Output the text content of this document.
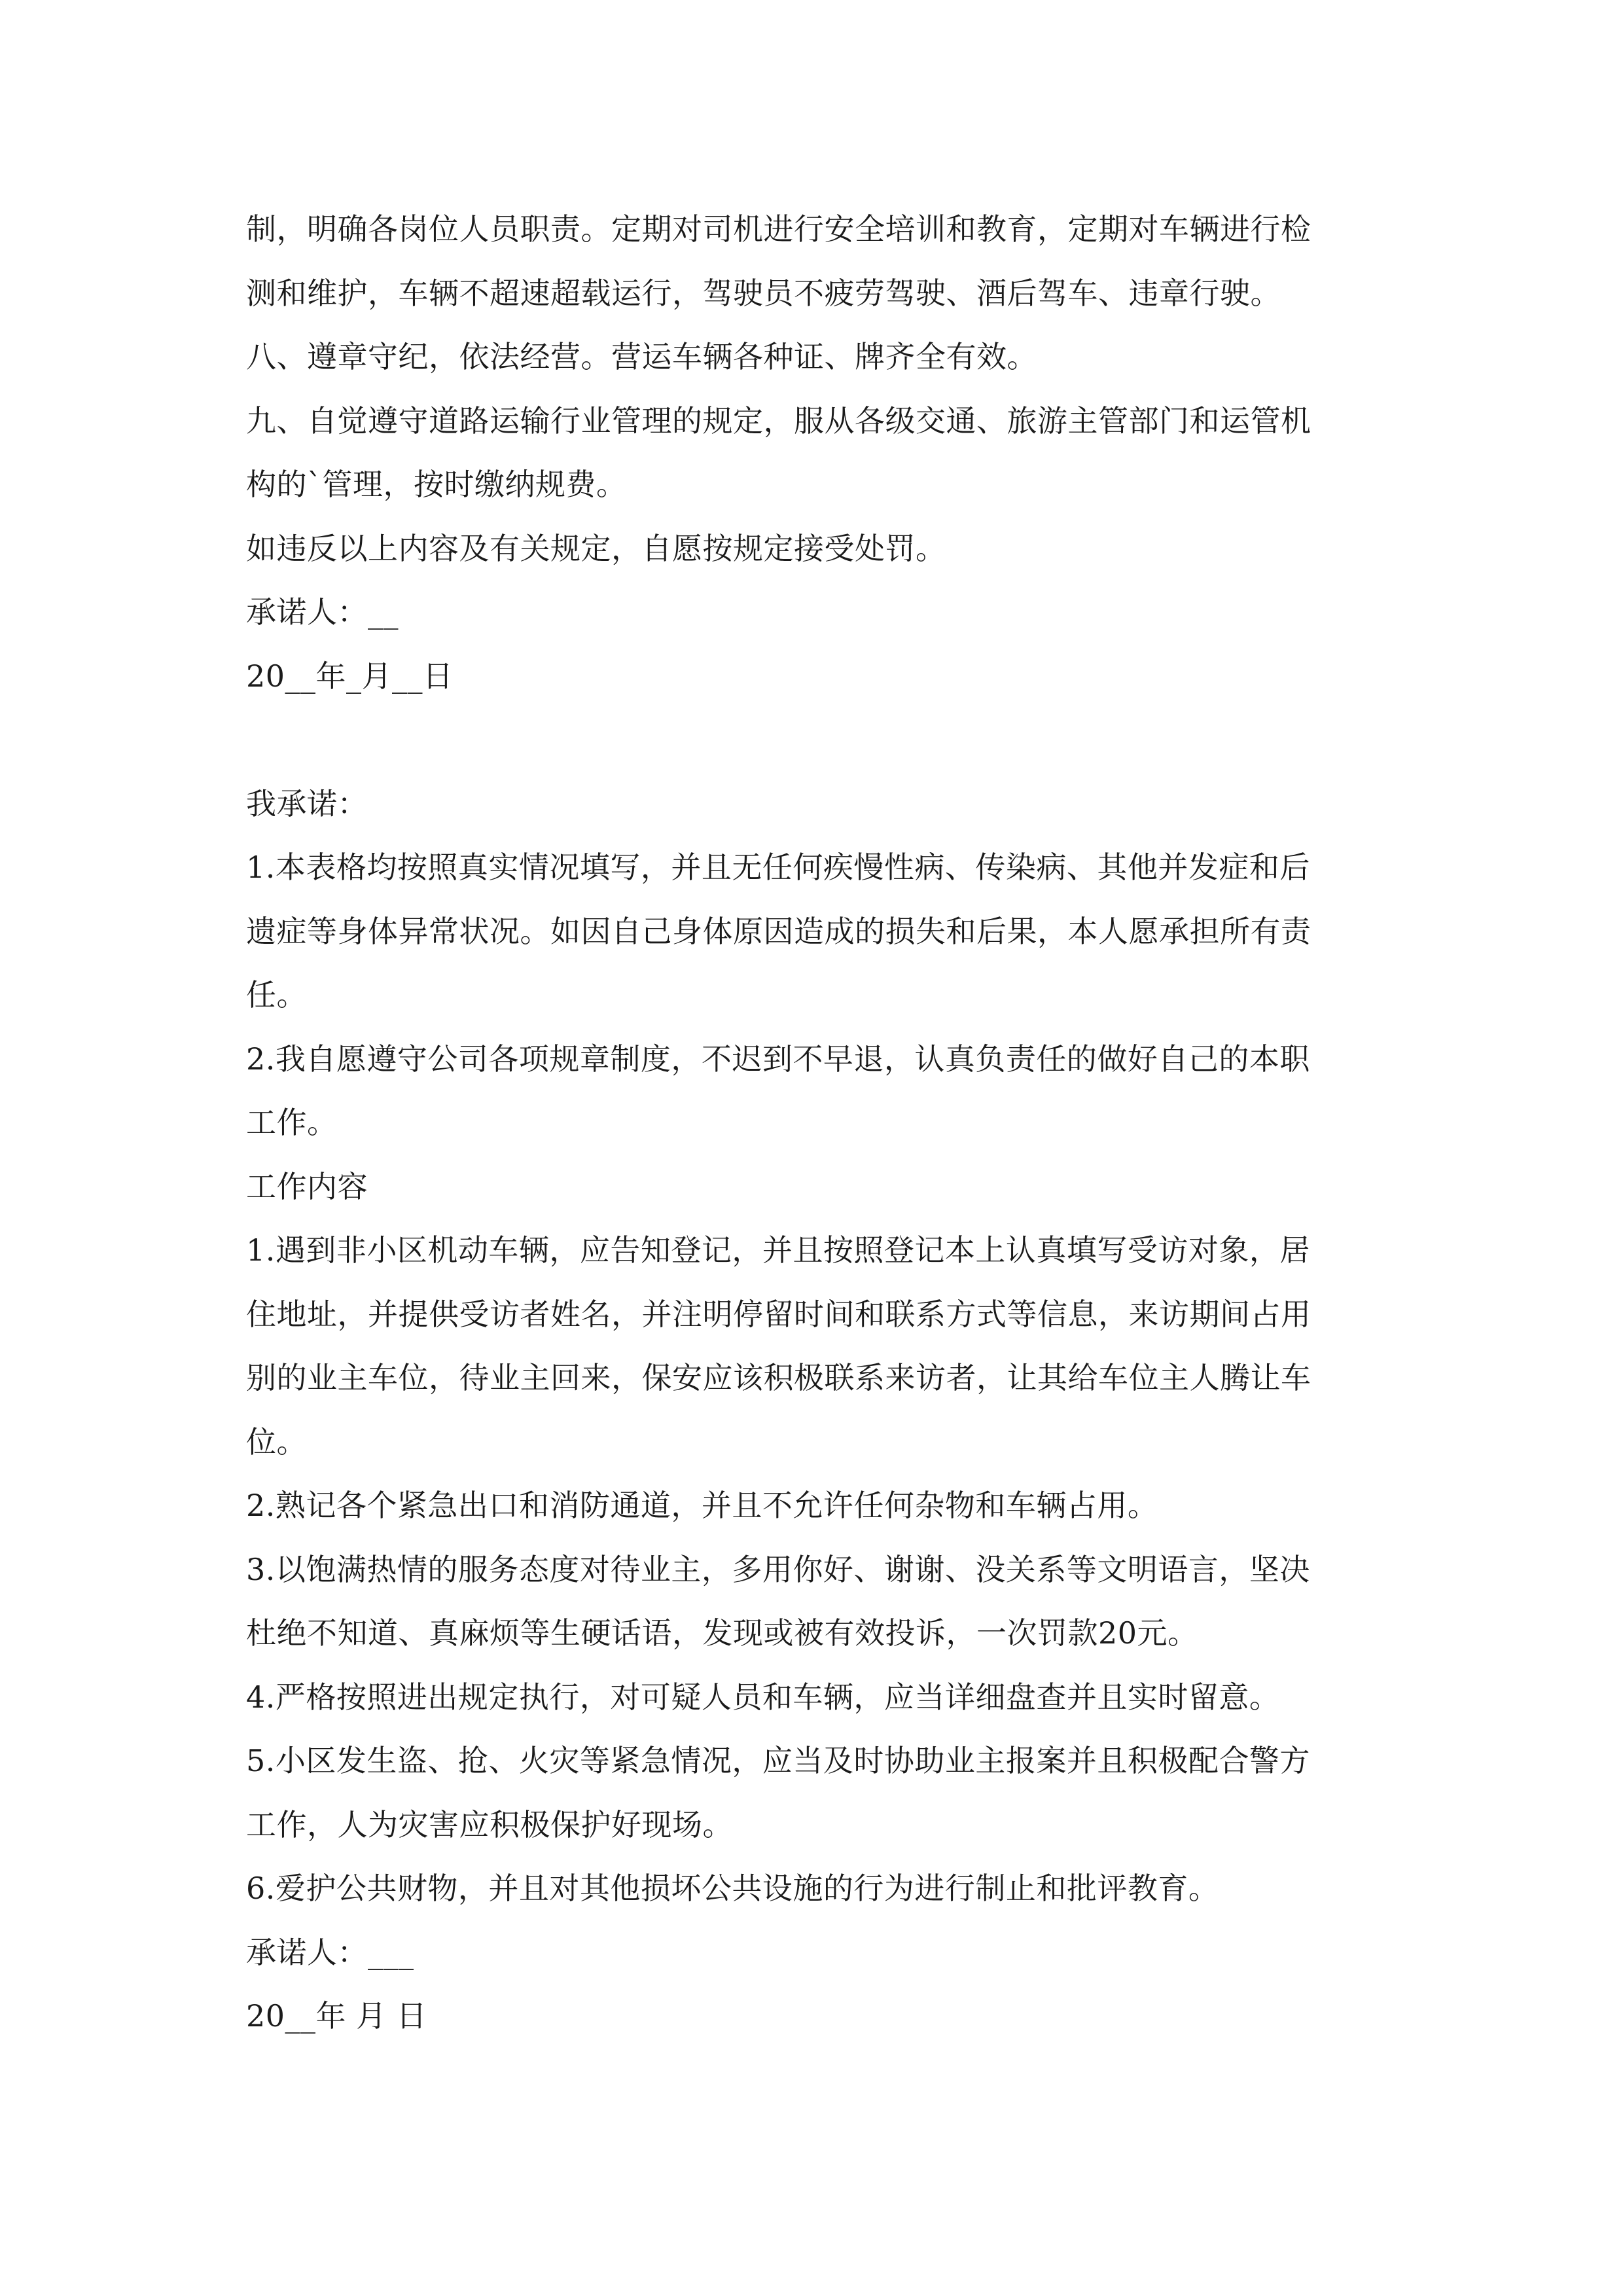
制，明确各岗位人员职责。定期对司机进行安全培训和教育，定期对车辆进行检
测和维护，车辆不超速超载运行，驾驶员不疲劳驾驶、酒后驾车、违章行驶。
八、遵章守纪，依法经营。营运车辆各种证、牌齐全有效。
九、自觉遵守道路运输行业管理的规定，服从各级交通、旅游主管部门和运管机
构的`管理，按时缴纳规费。
如违反以上内容及有关规定，自愿按规定接受处罚。
承诺人：__
20__年_月__日
我承诺：
1.本表格均按照真实情况填写，并且无任何疾慢性病、传染病、其他并发症和后
遗症等身体异常状况。如因自己身体原因造成的损失和后果，本人愿承担所有责
任。
2.我自愿遵守公司各项规章制度，不迟到不早退，认真负责任的做好自己的本职
工作。
工作内容
1.遇到非小区机动车辆，应告知登记，并且按照登记本上认真填写受访对象，居
住地址，并提供受访者姓名，并注明停留时间和联系方式等信息，来访期间占用
别的业主车位，待业主回来，保安应该积极联系来访者，让其给车位主人腾让车
位。
2.熟记各个紧急出口和消防通道，并且不允许任何杂物和车辆占用。
3.以饱满热情的服务态度对待业主，多用你好、谢谢、没关系等文明语言，坚决
杜绝不知道、真麻烦等生硬话语，发现或被有效投诉，一次罚款20元。
4.严格按照进出规定执行，对可疑人员和车辆，应当详细盘查并且实时留意。
5.小区发生盗、抢、火灾等紧急情况，应当及时协助业主报案并且积极配合警方
工作，人为灾害应积极保护好现场。
6.爱护公共财物，并且对其他损坏公共设施的行为进行制止和批评教育。
承诺人：___
20__年 月 日
